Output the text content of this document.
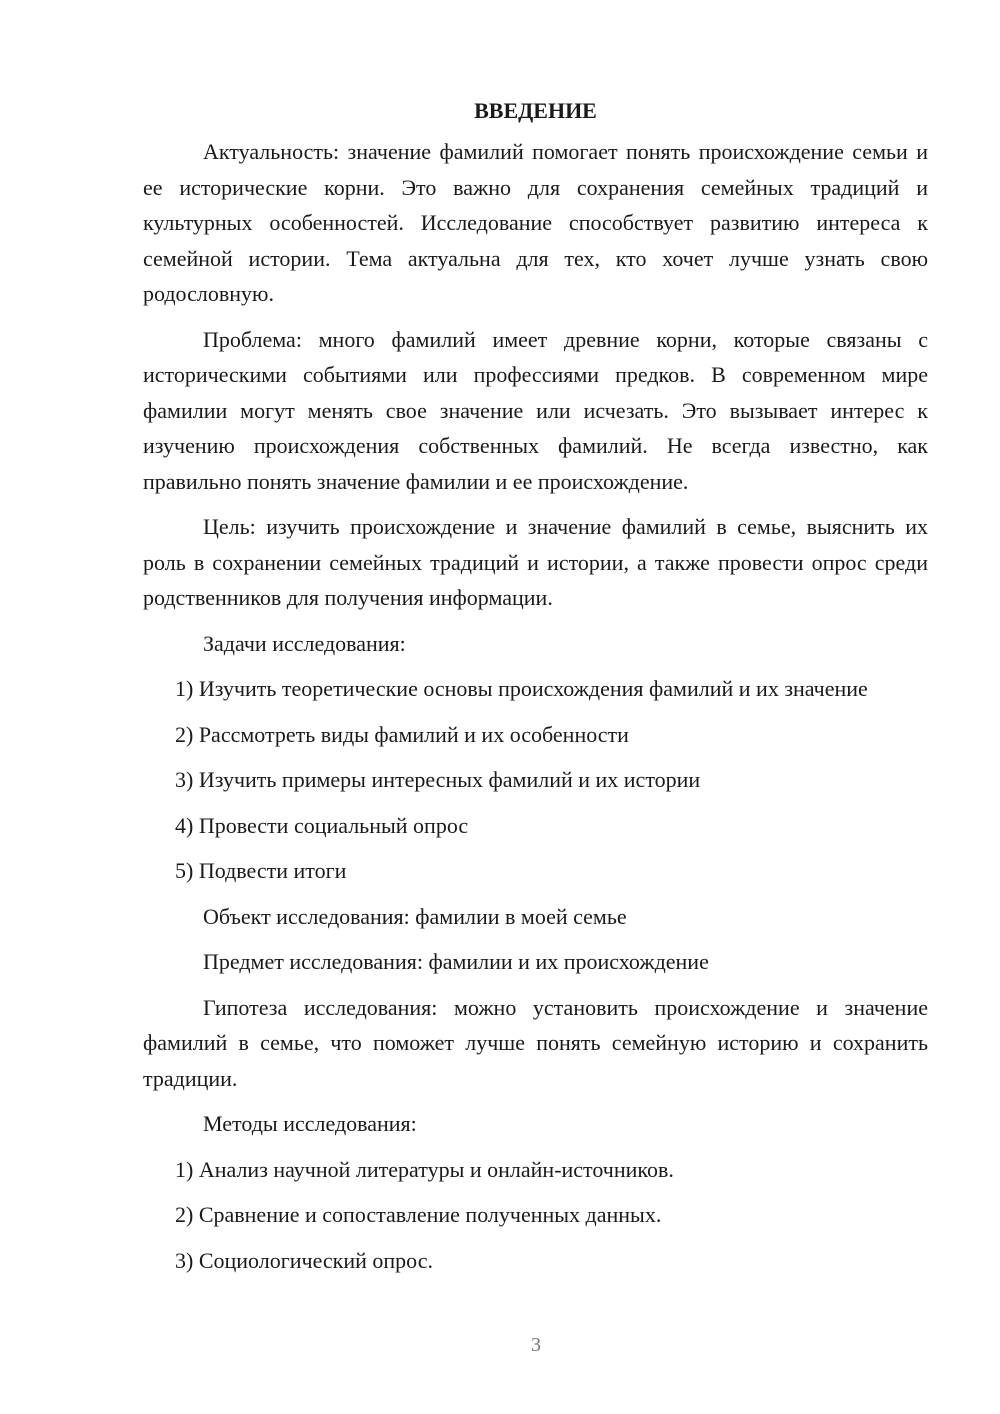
ВВЕДЕНИЕ

Актуальность: значение фамилий помогает понять происхождение семьи и ее исторические корни. Это важно для сохранения семейных традиций и культурных особенностей. Исследование способствует развитию интереса к семейной истории. Тема актуальна для тех, кто хочет лучше узнать свою родословную.

Проблема: много фамилий имеет древние корни, которые связаны с историческими событиями или профессиями предков. В современном мире фамилии могут менять свое значение или исчезать. Это вызывает интерес к изучению происхождения собственных фамилий. Не всегда известно, как правильно понять значение фамилии и ее происхождение.

Цель: изучить происхождение и значение фамилий в семье, выяснить их роль в сохранении семейных традиций и истории, а также провести опрос среди родственников для получения информации.

Задачи исследования:

1) Изучить теоретические основы происхождения фамилий и их значение

2) Рассмотреть виды фамилий и их особенности

3) Изучить примеры интересных фамилий и их истории

4) Провести социальный опрос

5) Подвести итоги

Объект исследования: фамилии в моей семье

Предмет исследования: фамилии и их происхождение

Гипотеза исследования: можно установить происхождение и значение фамилий в семье, что поможет лучше понять семейную историю и сохранить традиции.

Методы исследования:

1) Анализ научной литературы и онлайн-источников.

2) Сравнение и сопоставление полученных данных.

3) Социологический опрос.

3
